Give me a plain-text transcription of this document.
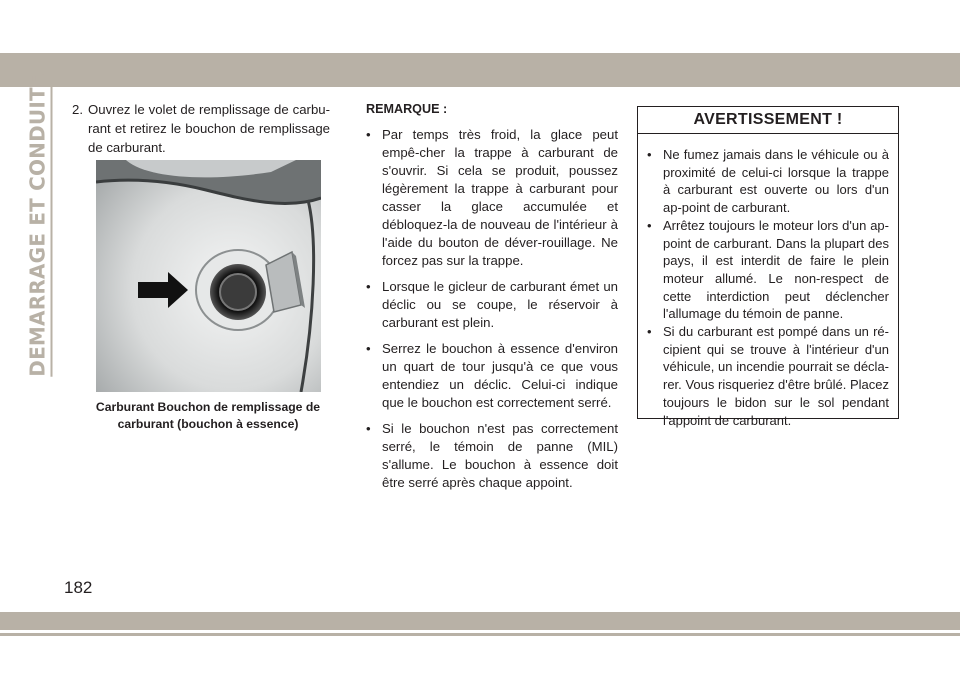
DEMARRAGE ET CONDUITE 2. Ouvrez le volet de remplissage de carbu-rant et retirez le bouchon de remplissage de carburant.
Carburant Bouchon de remplissage de carburant (bouchon à essence)
REMARQUE :
• Par temps très froid, la glace peut empê-cher la trappe à carburant de s'ouvrir. Si cela se produit, poussez légèrement la trappe à carburant pour casser la glace accumulée et débloquez-la de nouveau de l'intérieur à l'aide du bouton de déver-rouillage. Ne forcez pas sur la trappe.
• Lorsque le gicleur de carburant émet un déclic ou se coupe, le réservoir à carburant est plein.
• Serrez le bouchon à essence d'environ un quart de tour jusqu'à ce que vous entendiez un déclic. Celui-ci indique que le bouchon est correctement serré.
• Si le bouchon n'est pas correctement serré, le témoin de panne (MIL) s'allume. Le bouchon à essence doit être serré après chaque appoint.
AVERTISSEMENT !
• Ne fumez jamais dans le véhicule ou à proximité de celui-ci lorsque la trappe à carburant est ouverte ou lors d'un ap-point de carburant.
• Arrêtez toujours le moteur lors d'un ap-point de carburant. Dans la plupart des pays, il est interdit de faire le plein moteur allumé. Le non-respect de cette interdiction peut déclencher l'allumage du témoin de panne.
• Si du carburant est pompé dans un ré-cipient qui se trouve à l'intérieur d'un véhicule, un incendie pourrait se décla-rer. Vous risqueriez d'être brûlé. Placez toujours le bidon sur le sol pendant l'appoint de carburant.
182
